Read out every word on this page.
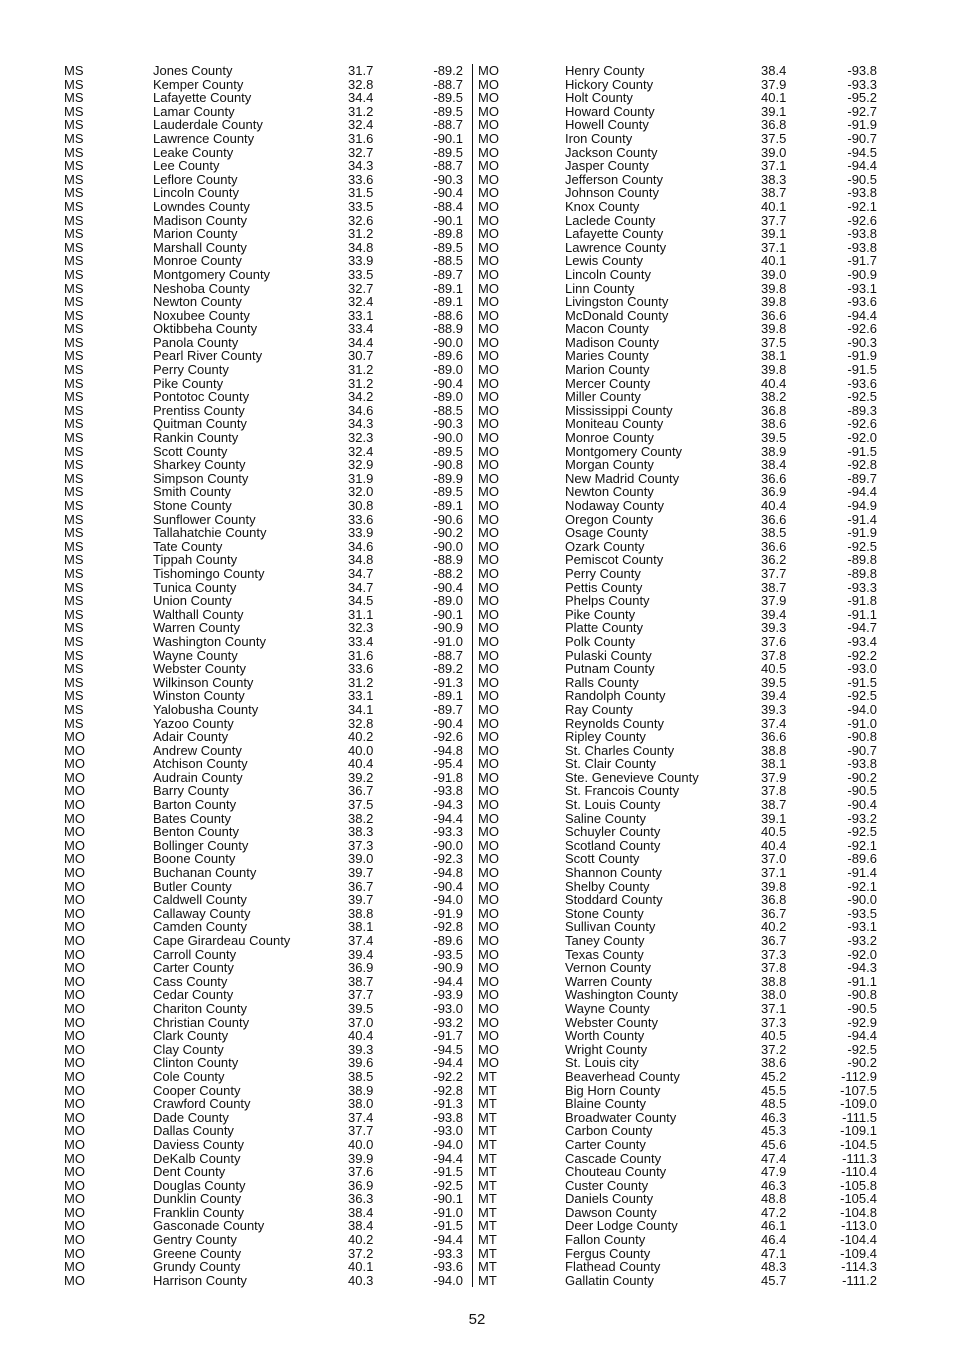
MS	Jones County	31.7	-89.2
MS	Kemper County	32.8	-88.7
MS	Lafayette County	34.4	-89.5
MS	Lamar County	31.2	-89.5
MS	Lauderdale County	32.4	-88.7
MS	Lawrence County	31.6	-90.1
MS	Leake County	32.7	-89.5
MS	Lee County	34.3	-88.7
MS	Leflore County	33.6	-90.3
MS	Lincoln County	31.5	-90.4
MS	Lowndes County	33.5	-88.4
MS	Madison County	32.6	-90.1
MS	Marion County	31.2	-89.8
MS	Marshall County	34.8	-89.5
MS	Monroe County	33.9	-88.5
MS	Montgomery County	33.5	-89.7
MS	Neshoba County	32.7	-89.1
MS	Newton County	32.4	-89.1
MS	Noxubee County	33.1	-88.6
MS	Oktibbeha County	33.4	-88.9
MS	Panola County	34.4	-90.0
MS	Pearl River County	30.7	-89.6
MS	Perry County	31.2	-89.0
MS	Pike County	31.2	-90.4
MS	Pontotoc County	34.2	-89.0
MS	Prentiss County	34.6	-88.5
MS	Quitman County	34.3	-90.3
MS	Rankin County	32.3	-90.0
MS	Scott County	32.4	-89.5
MS	Sharkey County	32.9	-90.8
MS	Simpson County	31.9	-89.9
MS	Smith County	32.0	-89.5
MS	Stone County	30.8	-89.1
MS	Sunflower County	33.6	-90.6
MS	Tallahatchie County	33.9	-90.2
MS	Tate County	34.6	-90.0
MS	Tippah County	34.8	-88.9
MS	Tishomingo County	34.7	-88.2
MS	Tunica County	34.7	-90.4
MS	Union County	34.5	-89.0
MS	Walthall County	31.1	-90.1
MS	Warren County	32.3	-90.9
MS	Washington County	33.4	-91.0
MS	Wayne County	31.6	-88.7
MS	Webster County	33.6	-89.2
MS	Wilkinson County	31.2	-91.3
MS	Winston County	33.1	-89.1
MS	Yalobusha County	34.1	-89.7
MS	Yazoo County	32.8	-90.4
MO	Adair County	40.2	-92.6
MO	Andrew County	40.0	-94.8
MO	Atchison County	40.4	-95.4
MO	Audrain County	39.2	-91.8
MO	Barry County	36.7	-93.8
MO	Barton County	37.5	-94.3
MO	Bates County	38.2	-94.4
MO	Benton County	38.3	-93.3
MO	Bollinger County	37.3	-90.0
MO	Boone County	39.0	-92.3
MO	Buchanan County	39.7	-94.8
MO	Butler County	36.7	-90.4
MO	Caldwell County	39.7	-94.0
MO	Callaway County	38.8	-91.9
MO	Camden County	38.1	-92.8
MO	Cape Girardeau County	37.4	-89.6
MO	Carroll County	39.4	-93.5
MO	Carter County	36.9	-90.9
MO	Cass County	38.7	-94.4
MO	Cedar County	37.7	-93.9
MO	Chariton County	39.5	-93.0
MO	Christian County	37.0	-93.2
MO	Clark County	40.4	-91.7
MO	Clay County	39.3	-94.5
MO	Clinton County	39.6	-94.4
MO	Cole County	38.5	-92.2
MO	Cooper County	38.9	-92.8
MO	Crawford County	38.0	-91.3
MO	Dade County	37.4	-93.8
MO	Dallas County	37.7	-93.0
MO	Daviess County	40.0	-94.0
MO	DeKalb County	39.9	-94.4
MO	Dent County	37.6	-91.5
MO	Douglas County	36.9	-92.5
MO	Dunklin County	36.3	-90.1
MO	Franklin County	38.4	-91.0
MO	Gasconade County	38.4	-91.5
MO	Gentry County	40.2	-94.4
MO	Greene County	37.2	-93.3
MO	Grundy County	40.1	-93.6
MO	Harrison County	40.3	-94.0
MO	Henry County	38.4	-93.8
MO	Hickory County	37.9	-93.3
MO	Holt County	40.1	-95.2
MO	Howard County	39.1	-92.7
MO	Howell County	36.8	-91.9
MO	Iron County	37.5	-90.7
MO	Jackson County	39.0	-94.5
MO	Jasper County	37.1	-94.4
MO	Jefferson County	38.3	-90.5
MO	Johnson County	38.7	-93.8
MO	Knox County	40.1	-92.1
MO	Laclede County	37.7	-92.6
MO	Lafayette County	39.1	-93.8
MO	Lawrence County	37.1	-93.8
MO	Lewis County	40.1	-91.7
MO	Lincoln County	39.0	-90.9
MO	Linn County	39.8	-93.1
MO	Livingston County	39.8	-93.6
MO	McDonald County	36.6	-94.4
MO	Macon County	39.8	-92.6
MO	Madison County	37.5	-90.3
MO	Maries County	38.1	-91.9
MO	Marion County	39.8	-91.5
MO	Mercer County	40.4	-93.6
MO	Miller County	38.2	-92.5
MO	Mississippi County	36.8	-89.3
MO	Moniteau County	38.6	-92.6
MO	Monroe County	39.5	-92.0
MO	Montgomery County	38.9	-91.5
MO	Morgan County	38.4	-92.8
MO	New Madrid County	36.6	-89.7
MO	Newton County	36.9	-94.4
MO	Nodaway County	40.4	-94.9
MO	Oregon County	36.6	-91.4
MO	Osage County	38.5	-91.9
MO	Ozark County	36.6	-92.5
MO	Pemiscot County	36.2	-89.8
MO	Perry County	37.7	-89.8
MO	Pettis County	38.7	-93.3
MO	Phelps County	37.9	-91.8
MO	Pike County	39.4	-91.1
MO	Platte County	39.3	-94.7
MO	Polk County	37.6	-93.4
MO	Pulaski County	37.8	-92.2
MO	Putnam County	40.5	-93.0
MO	Ralls County	39.5	-91.5
MO	Randolph County	39.4	-92.5
MO	Ray County	39.3	-94.0
MO	Reynolds County	37.4	-91.0
MO	Ripley County	36.6	-90.8
MO	St. Charles County	38.8	-90.7
MO	St. Clair County	38.1	-93.8
MO	Ste. Genevieve County	37.9	-90.2
MO	St. Francois County	37.8	-90.5
MO	St. Louis County	38.7	-90.4
MO	Saline County	39.1	-93.2
MO	Schuyler County	40.5	-92.5
MO	Scotland County	40.4	-92.1
MO	Scott County	37.0	-89.6
MO	Shannon County	37.1	-91.4
MO	Shelby County	39.8	-92.1
MO	Stoddard County	36.8	-90.0
MO	Stone County	36.7	-93.5
MO	Sullivan County	40.2	-93.1
MO	Taney County	36.7	-93.2
MO	Texas County	37.3	-92.0
MO	Vernon County	37.8	-94.3
MO	Warren County	38.8	-91.1
MO	Washington County	38.0	-90.8
MO	Wayne County	37.1	-90.5
MO	Webster County	37.3	-92.9
MO	Worth County	40.5	-94.4
MO	Wright County	37.2	-92.5
MO	St. Louis city	38.6	-90.2
MT	Beaverhead County	45.2	-112.9
MT	Big Horn County	45.5	-107.5
MT	Blaine County	48.5	-109.0
MT	Broadwater County	46.3	-111.5
MT	Carbon County	45.3	-109.1
MT	Carter County	45.6	-104.5
MT	Cascade County	47.4	-111.3
MT	Chouteau County	47.9	-110.4
MT	Custer County	46.3	-105.8
MT	Daniels County	48.8	-105.4
MT	Dawson County	47.2	-104.8
MT	Deer Lodge County	46.1	-113.0
MT	Fallon County	46.4	-104.4
MT	Fergus County	47.1	-109.4
MT	Flathead County	48.3	-114.3
MT	Gallatin County	45.7	-111.2
52
